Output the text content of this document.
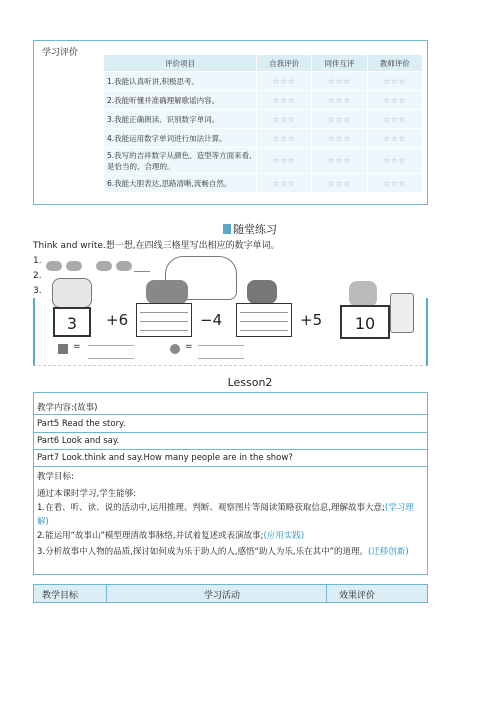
学习评价
评价项目	自我评价	同伴互评	教师评价
1.我能认真听讲,积极思考。	☆☆☆	☆☆☆	☆☆☆
2.我能听懂并准确理解歌谣内容。	☆☆☆	☆☆☆	☆☆☆
3.我能正确朗读、识别数字单词。	☆☆☆	☆☆☆	☆☆☆
4.我能运用数字单词进行加法计算。	☆☆☆	☆☆☆	☆☆☆
5.我写的吉祥数字从颜色、造型等方面来看,是恰当的、合理的。	☆☆☆	☆☆☆	☆☆☆
6.我能大胆表达,思路清晰,流畅自然。	☆☆☆	☆☆☆	☆☆☆
随堂练习
Think and write.想一想,在四线三格里写出相应的数字单词。
1.
2.
3.
3	+6	−4	+5	10
=	=
Lesson2
教学内容:(故事)
Part5 Read the story.
Part6 Look and say.
Part7 Look.think and say.How many people are in the show?
教学目标:
通过本课时学习,学生能够:
1.在看、听、读、说的活动中,运用推理、判断、观察图片等阅读策略获取信息,理解故事大意;(学习理解)
2.能运用“故事山”模型理清故事脉络,并试着复述或表演故事;(应用实践)
3.分析故事中人物的品质,探讨如何成为乐于助人的人,感悟“助人为乐,乐在其中”的道理。(迁移创新)
教学目标	学习活动	效果评价
